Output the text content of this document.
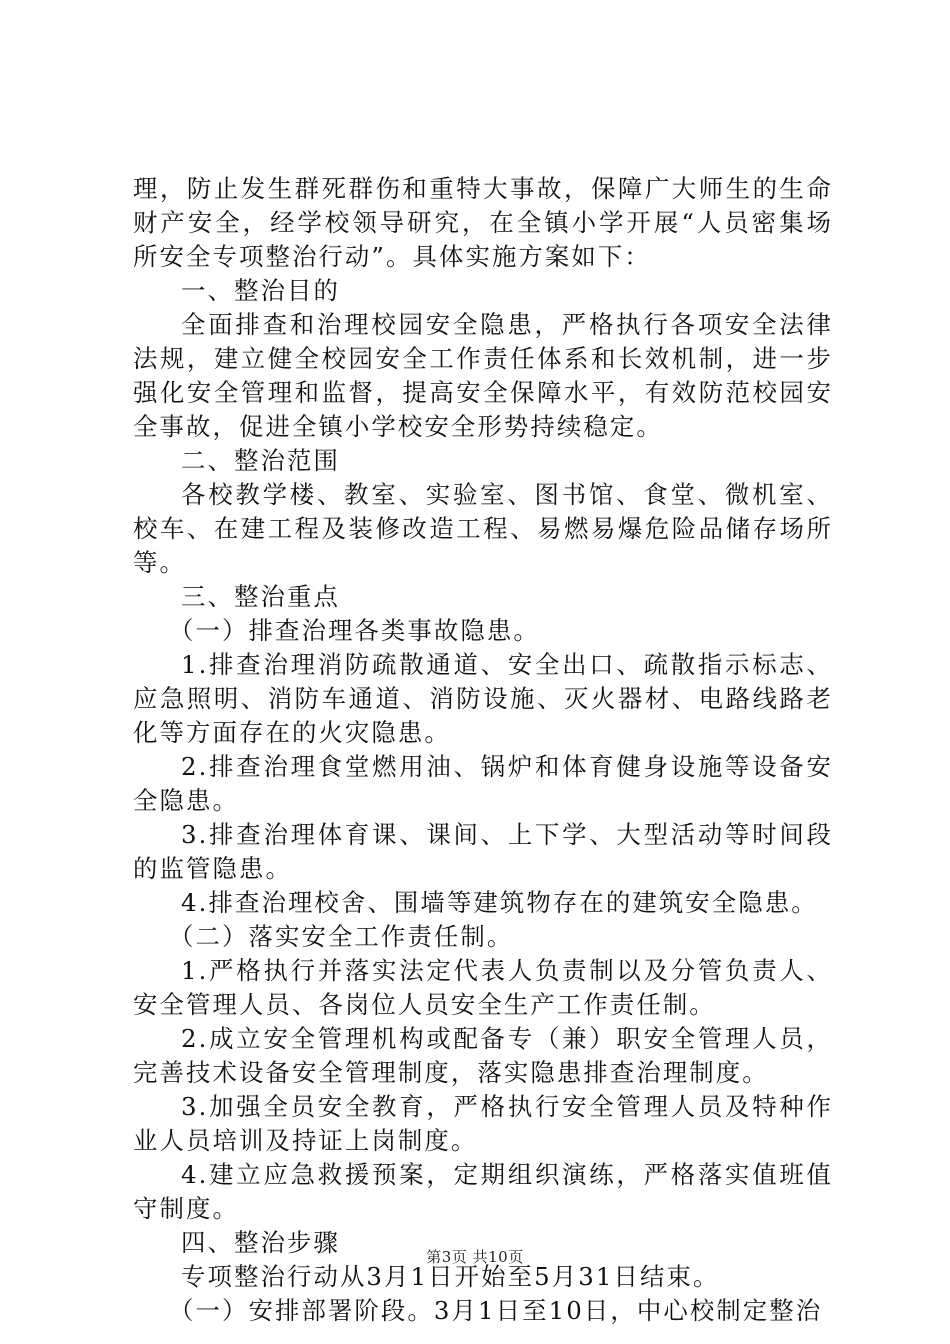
理，防止发生群死群伤和重特大事故，保障广大师生的生命财产安全，经学校领导研究，在全镇小学开展“人员密集场所安全专项整治行动”。具体实施方案如下：

一、整治目的

全面排查和治理校园安全隐患，严格执行各项安全法律法规，建立健全校园安全工作责任体系和长效机制，进一步强化安全管理和监督，提高安全保障水平，有效防范校园安全事故，促进全镇小学校安全形势持续稳定。

二、整治范围

各校教学楼、教室、实验室、图书馆、食堂、微机室、校车、在建工程及装修改造工程、易燃易爆危险品储存场所等。

三、整治重点

（一）排查治理各类事故隐患。

1.排查治理消防疏散通道、安全出口、疏散指示标志、应急照明、消防车通道、消防设施、灭火器材、电路线路老化等方面存在的火灾隐患。

2.排查治理食堂燃用油、锅炉和体育健身设施等设备安全隐患。

3.排查治理体育课、课间、上下学、大型活动等时间段的监管隐患。

4.排查治理校舍、围墙等建筑物存在的建筑安全隐患。

（二）落实安全工作责任制。

1.严格执行并落实法定代表人负责制以及分管负责人、安全管理人员、各岗位人员安全生产工作责任制。

2.成立安全管理机构或配备专（兼）职安全管理人员，完善技术设备安全管理制度，落实隐患排查治理制度。

3.加强全员安全教育，严格执行安全管理人员及特种作业人员培训及持证上岗制度。

4.建立应急救援预案，定期组织演练，严格落实值班值守制度。

四、整治步骤

专项整治行动从3月1日开始至5月31日结束。

（一）安排部署阶段。3月1日至10日，中心校制定整治

第3页 共10页
